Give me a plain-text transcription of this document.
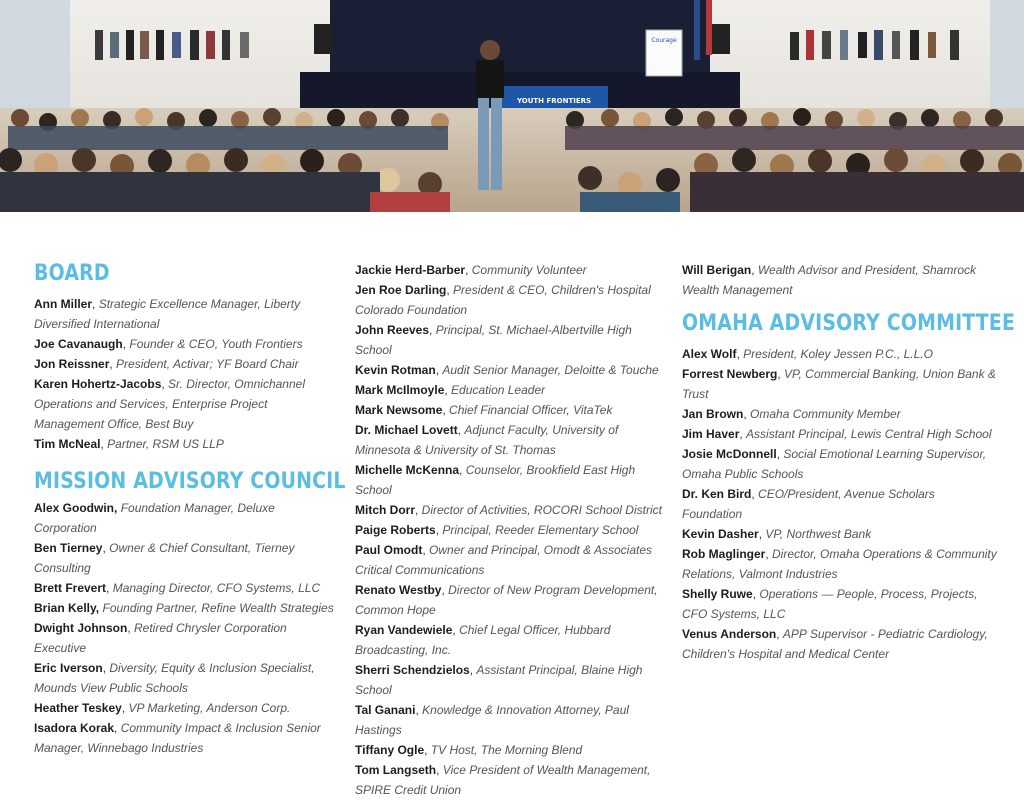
YOUTH FRONTIERS
Courage
BOARD
Ann Miller, Strategic Excellence Manager, Liberty Diversified International
Joe Cavanaugh, Founder & CEO, Youth Frontiers
Jon Reissner, President, Activar; YF Board Chair
Karen Hohertz-Jacobs, Sr. Director, Omnichannel Operations and Services, Enterprise Project Management Office, Best Buy
Tim McNeal, Partner, RSM US LLP
MISSION ADVISORY COUNCIL
Alex Goodwin, Foundation Manager, Deluxe Corporation
Ben Tierney, Owner & Chief Consultant, Tierney Consulting
Brett Frevert, Managing Director, CFO Systems, LLC
Brian Kelly, Founding Partner, Refine Wealth Strategies
Dwight Johnson, Retired Chrysler Corporation Executive
Eric Iverson, Diversity, Equity & Inclusion Specialist, Mounds View Public Schools
Heather Teskey, VP Marketing, Anderson Corp.
Isadora Korak, Community Impact & Inclusion Senior Manager, Winnebago Industries
Jackie Herd-Barber, Community Volunteer
Jen Roe Darling, President & CEO, Children's Hospital Colorado Foundation
John Reeves, Principal, St. Michael-Albertville High School
Kevin Rotman, Audit Senior Manager, Deloitte & Touche
Mark McIlmoyle, Education Leader
Mark Newsome, Chief Financial Officer, VitaTek
Dr. Michael Lovett, Adjunct Faculty, University of Minnesota & University of St. Thomas
Michelle McKenna, Counselor, Brookfield East High School
Mitch Dorr, Director of Activities, ROCORI School District
Paige Roberts, Principal, Reeder Elementary School
Paul Omodt, Owner and Principal, Omodt & Associates Critical Communications
Renato Westby, Director of New Program Development, Common Hope
Ryan Vandewiele, Chief Legal Officer, Hubbard Broadcasting, Inc.
Sherri Schendzielos, Assistant Principal, Blaine High School
Tal Ganani, Knowledge & Innovation Attorney, Paul Hastings
Tiffany Ogle, TV Host, The Morning Blend
Tom Langseth, Vice President of Wealth Management, SPIRE Credit Union
Will Berigan, Wealth Advisor and President, Shamrock Wealth Management
OMAHA ADVISORY COMMITTEE
Alex Wolf, President, Koley Jessen P.C., L.L.O
Forrest Newberg, VP, Commercial Banking, Union Bank & Trust
Jan Brown, Omaha Community Member
Jim Haver, Assistant Principal, Lewis Central High School
Josie McDonnell, Social Emotional Learning Supervisor, Omaha Public Schools
Dr. Ken Bird, CEO/President, Avenue Scholars Foundation
Kevin Dasher, VP, Northwest Bank
Rob Maglinger, Director, Omaha Operations & Community Relations, Valmont Industries
Shelly Ruwe, Operations — People, Process, Projects, CFO Systems, LLC
Venus Anderson, APP Supervisor - Pediatric Cardiology, Children's Hospital and Medical Center
